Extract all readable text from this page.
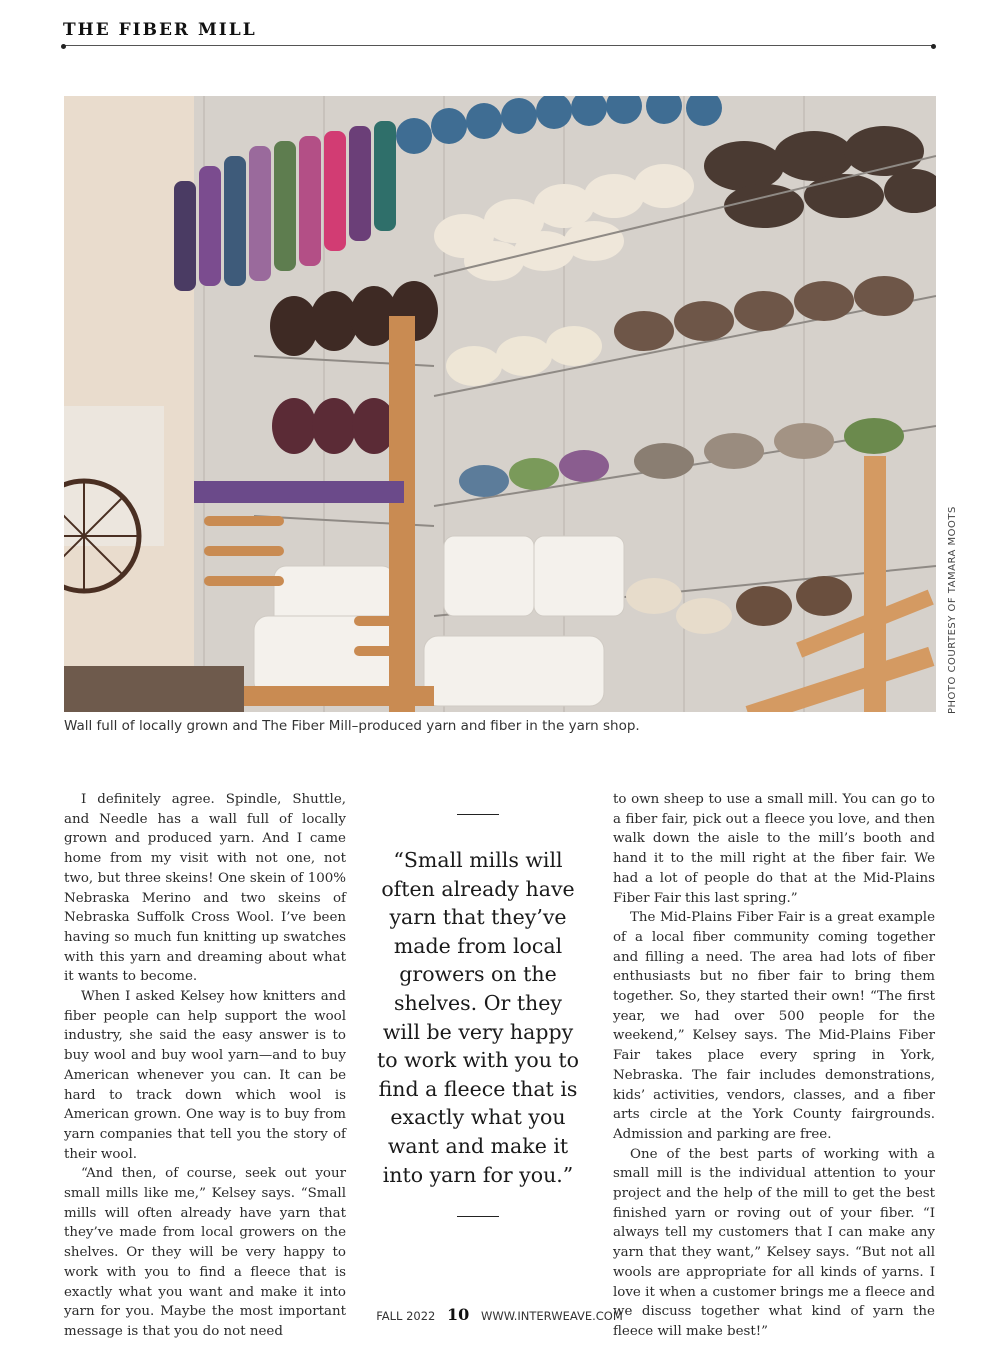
THE FIBER MILL
PHOTO COURTESY OF TAMARA MOOTS
Wall full of locally grown and The Fiber Mill–produced yarn and fiber in the yarn shop.

I definitely agree. Spindle, Shuttle, and Needle has a wall full of locally grown and produced yarn. And I came home from my visit with not one, not two, but three skeins! One skein of 100% Nebraska Merino and two skeins of Nebraska Suffolk Cross Wool. I’ve been having so much fun knitting up swatches with this yarn and dreaming about what it wants to become.

When I asked Kelsey how knitters and fiber people can help support the wool industry, she said the easy answer is to buy wool and buy wool yarn—and to buy American whenever you can. It can be hard to track down which wool is American grown. One way is to buy from yarn companies that tell you the story of their wool.

“And then, of course, seek out your small mills like me,” Kelsey says. “Small mills will often already have yarn that they’ve made from local growers on the shelves. Or they will be very happy to work with you to find a fleece that is exactly what you want and make it into yarn for you. Maybe the most important message is that you do not need

“Small mills will often already have yarn that they’ve made from local growers on the shelves. Or they will be very happy to work with you to find a fleece that is exactly what you want and make it into yarn for you.”

to own sheep to use a small mill. You can go to a fiber fair, pick out a fleece you love, and then walk down the aisle to the mill’s booth and hand it to the mill right at the fiber fair. We had a lot of people do that at the Mid-Plains Fiber Fair this last spring.”

The Mid-Plains Fiber Fair is a great example of a local fiber community coming together and filling a need. The area had lots of fiber enthusiasts but no fiber fair to bring them together. So, they started their own! “The first year, we had over 500 people for the weekend,” Kelsey says. The Mid-Plains Fiber Fair takes place every spring in York, Nebraska. The fair includes demonstrations, kids’ activities, vendors, classes, and a fiber arts circle at the York County fairgrounds. Admission and parking are free.

One of the best parts of working with a small mill is the individual attention to your project and the help of the mill to get the best finished yarn or roving out of your fiber. “I always tell my customers that I can make any yarn that they want,” Kelsey says. “But not all wools are appropriate for all kinds of yarns. I love it when a customer brings me a fleece and we discuss together what kind of yarn the fleece will make best!”

FALL 2022 10 WWW.INTERWEAVE.COM
